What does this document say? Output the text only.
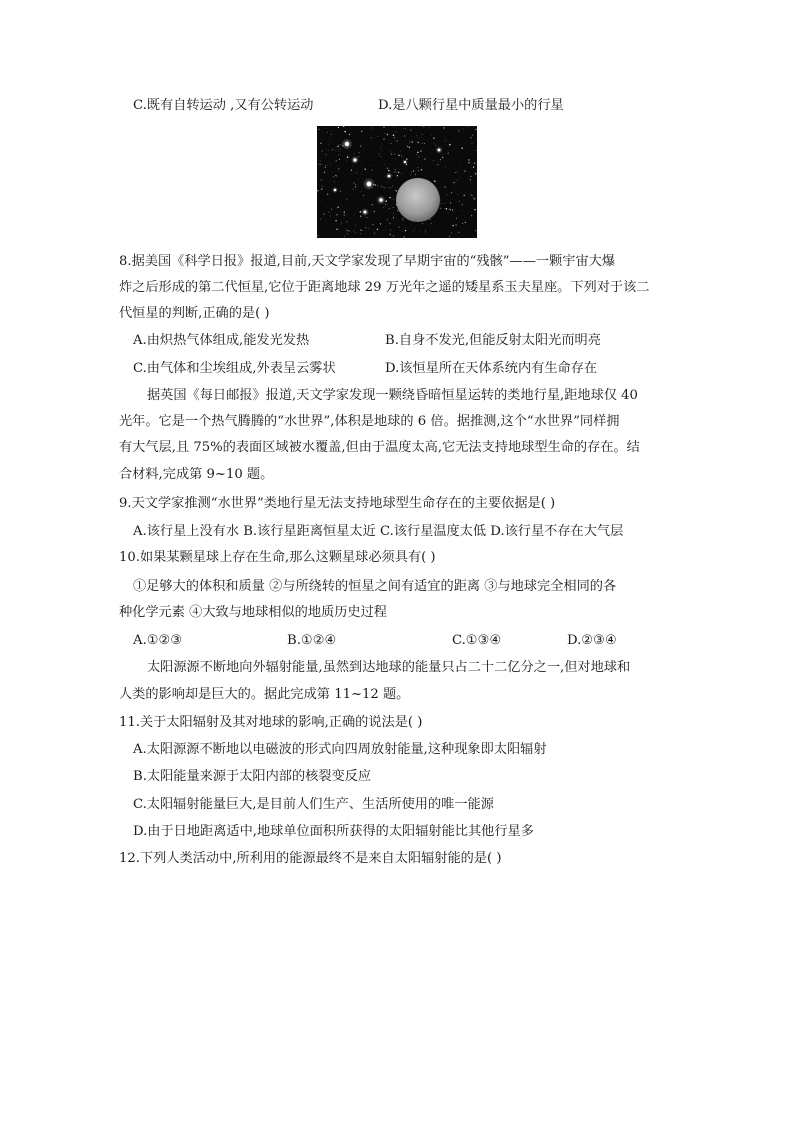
C.既有自转运动 ,又有公转运动	D.是八颗行星中质量最小的行星
8.据美国《科学日报》报道,目前,天文学家发现了早期宇宙的“残骸”——一颗宇宙大爆
炸之后形成的第二代恒星,它位于距离地球 29 万光年之遥的矮星系玉夫星座。下列对于该二
代恒星的判断,正确的是( )
A.由炽热气体组成,能发光发热	B.自身不发光,但能反射太阳光而明亮
C.由气体和尘埃组成,外表呈云雾状	D.该恒星所在天体系统内有生命存在
据英国《每日邮报》报道,天文学家发现一颗绕昏暗恒星运转的类地行星,距地球仅 40
光年。它是一个热气腾腾的“水世界”,体积是地球的 6 倍。据推测,这个“水世界”同样拥
有大气层,且 75%的表面区域被水覆盖,但由于温度太高,它无法支持地球型生命的存在。结
合材料,完成第 9~10 题。
9.天文学家推测“水世界”类地行星无法支持地球型生命存在的主要依据是( )
A.该行星上没有水 B.该行星距离恒星太近 C.该行星温度太低 D.该行星不存在大气层
10.如果某颗星球上存在生命,那么这颗星球必须具有( )
①足够大的体积和质量 ②与所绕转的恒星之间有适宜的距离 ③与地球完全相同的各
种化学元素 ④大致与地球相似的地质历史过程
A.①②③	B.①②④	C.①③④	D.②③④
太阳源源不断地向外辐射能量,虽然到达地球的能量只占二十二亿分之一,但对地球和
人类的影响却是巨大的。据此完成第 11~12 题。
11.关于太阳辐射及其对地球的影响,正确的说法是( )
A.太阳源源不断地以电磁波的形式向四周放射能量,这种现象即太阳辐射
B.太阳能量来源于太阳内部的核裂变反应
C.太阳辐射能量巨大,是目前人们生产、生活所使用的唯一能源
D.由于日地距离适中,地球单位面积所获得的太阳辐射能比其他行星多
12.下列人类活动中,所利用的能源最终不是来自太阳辐射能的是( )
